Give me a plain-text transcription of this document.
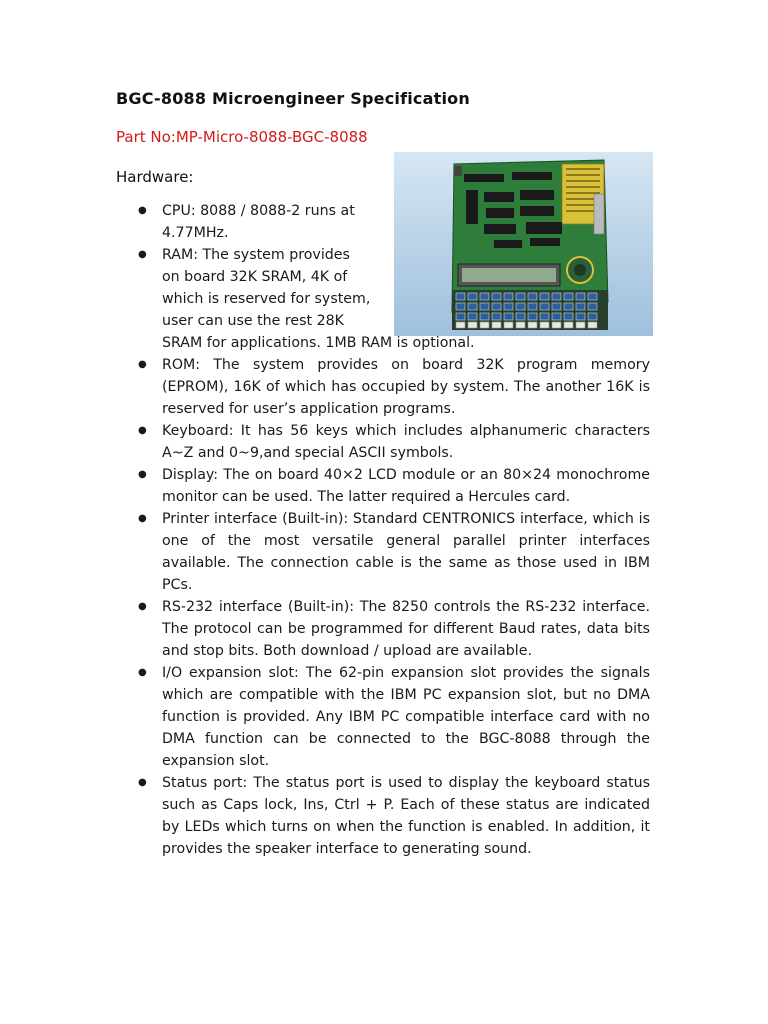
BGC-8088 Microengineer Specification
Part No:MP-Micro-8088-BGC-8088
Hardware:
● CPU: 8088 / 8088-2 runs at
4.77MHz.
● RAM: The system provides
on board 32K SRAM, 4K of
which is reserved for system,
user can use the rest 28K
SRAM for applications. 1MB RAM is optional.
● ROM: The system provides on board 32K program memory (EPROM), 16K of which has occupied by system. The another 16K is reserved for user’s application programs.
● Keyboard: It has 56 keys which includes alphanumeric characters A~Z and 0~9,and special ASCII symbols.
● Display: The on board 40×2 LCD module or an 80×24 monochrome monitor can be used. The latter required a Hercules card.
● Printer interface (Built-in): Standard CENTRONICS interface, which is one of the most versatile general parallel printer interfaces available. The connection cable is the same as those used in IBM PCs.
● RS-232 interface (Built-in): The 8250 controls the RS-232 interface. The protocol can be programmed for different Baud rates, data bits and stop bits. Both download / upload are available.
● I/O expansion slot: The 62-pin expansion slot provides the signals which are compatible with the IBM PC expansion slot, but no DMA function is provided. Any IBM PC compatible interface card with no DMA function can be connected to the BGC-8088 through the expansion slot.
● Status port: The status port is used to display the keyboard status such as Caps lock, Ins, Ctrl + P. Each of these status are indicated by LEDs which turns on when the function is enabled. In addition, it provides the speaker interface to generating sound.
